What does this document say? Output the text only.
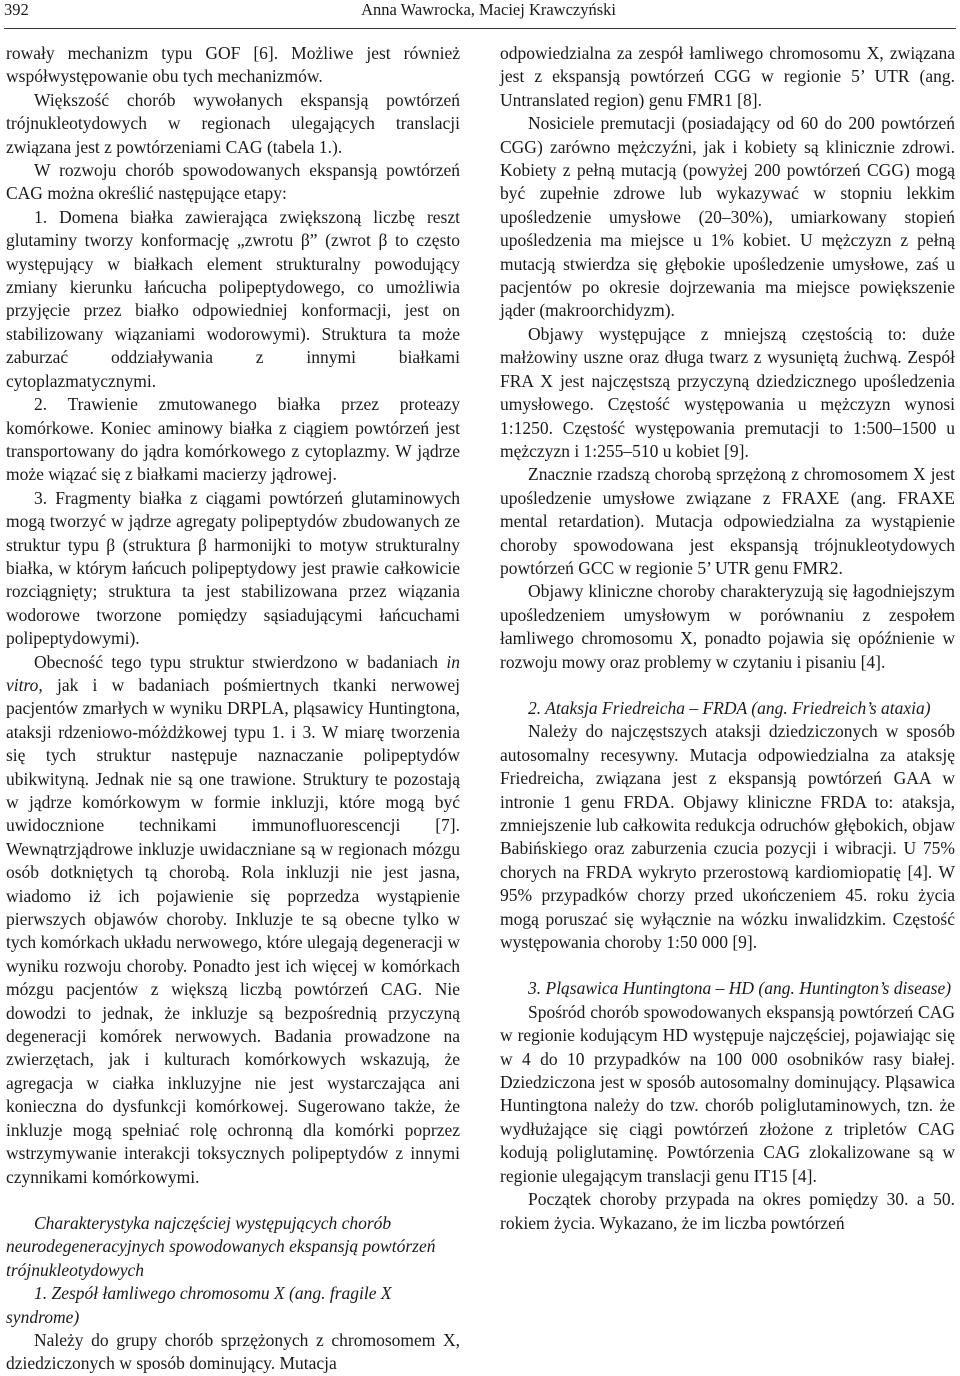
392	Anna Wawrocka, Maciej Krawczyński

rowały mechanizm typu GOF [6]. Możliwe jest również współwystępowanie obu tych mechanizmów.

Większość chorób wywołanych ekspansją powtórzeń trójnukleotydowych w regionach ulegających translacji związana jest z powtórzeniami CAG (tabela 1.).

W rozwoju chorób spowodowanych ekspansją powtórzeń CAG można określić następujące etapy:

1. Domena białka zawierająca zwiększoną liczbę reszt glutaminy tworzy konformację „zwrotu β” (zwrot β to często występujący w białkach element strukturalny powodujący zmiany kierunku łańcucha polipeptydowego, co umożliwia przyjęcie przez białko odpowiedniej konformacji, jest on stabilizowany wiązaniami wodorowymi). Struktura ta może zaburzać oddziaływania z innymi białkami cytoplazmatycznymi.

2. Trawienie zmutowanego białka przez proteazy komórkowe. Koniec aminowy białka z ciągiem powtórzeń jest transportowany do jądra komórkowego z cytoplazmy. W jądrze może wiązać się z białkami macierzy jądrowej.

3. Fragmenty białka z ciągami powtórzeń glutaminowych mogą tworzyć w jądrze agregaty polipeptydów zbudowanych ze struktur typu β (struktura β harmonijki to motyw strukturalny białka, w którym łańcuch polipeptydowy jest prawie całkowicie rozciągnięty; struktura ta jest stabilizowana przez wiązania wodorowe tworzone pomiędzy sąsiadującymi łańcuchami polipeptydowymi).

Obecność tego typu struktur stwierdzono w badaniach in vitro, jak i w badaniach pośmiertnych tkanki nerwowej pacjentów zmarłych w wyniku DRPLA, pląsawicy Huntingtona, ataksji rdzeniowo-móżdżkowej typu 1. i 3. W miarę tworzenia się tych struktur następuje naznaczanie polipeptydów ubikwityną. Jednak nie są one trawione. Struktury te pozostają w jądrze komórkowym w formie inkluzji, które mogą być uwidocznione technikami immunofluorescencji [7]. Wewnątrzjądrowe inkluzje uwidaczniane są w regionach mózgu osób dotkniętych tą chorobą. Rola inkluzji nie jest jasna, wiadomo iż ich pojawienie się poprzedza wystąpienie pierwszych objawów choroby. Inkluzje te są obecne tylko w tych komórkach układu nerwowego, które ulegają degeneracji w wyniku rozwoju choroby. Ponadto jest ich więcej w komórkach mózgu pacjentów z większą liczbą powtórzeń CAG. Nie dowodzi to jednak, że inkluzje są bezpośrednią przyczyną degeneracji komórek nerwowych. Badania prowadzone na zwierzętach, jak i kulturach komórkowych wskazują, że agregacja w ciałka inkluzyjne nie jest wystarczająca ani konieczna do dysfunkcji komórkowej. Sugerowano także, że inkluzje mogą spełniać rolę ochronną dla komórki poprzez wstrzymywanie interakcji toksycznych polipeptydów z innymi czynnikami komórkowymi.

Charakterystyka najczęściej występujących chorób neurodegeneracyjnych spowodowanych ekspansją powtórzeń trójnukleotydowych

1. Zespół łamliwego chromosomu X (ang. fragile X syndrome)

Należy do grupy chorób sprzężonych z chromosomem X, dziedziczonych w sposób dominujący. Mutacja

odpowiedzialna za zespół łamliwego chromosomu X, związana jest z ekspansją powtórzeń CGG w regionie 5’ UTR (ang. Untranslated region) genu FMR1 [8].

Nosiciele premutacji (posiadający od 60 do 200 powtórzeń CGG) zarówno mężczyźni, jak i kobiety są klinicznie zdrowi. Kobiety z pełną mutacją (powyżej 200 powtórzeń CGG) mogą być zupełnie zdrowe lub wykazywać w stopniu lekkim upośledzenie umysłowe (20–30%), umiarkowany stopień upośledzenia ma miejsce u 1% kobiet. U mężczyzn z pełną mutacją stwierdza się głębokie upośledzenie umysłowe, zaś u pacjentów po okresie dojrzewania ma miejsce powiększenie jąder (makroorchidyzm).

Objawy występujące z mniejszą częstością to: duże małżowiny uszne oraz długa twarz z wysuniętą żuchwą. Zespół FRA X jest najczęstszą przyczyną dziedzicznego upośledzenia umysłowego. Częstość występowania u mężczyzn wynosi 1:1250. Częstość występowania premutacji to 1:500–1500 u mężczyzn i 1:255–510 u kobiet [9].

Znacznie rzadszą chorobą sprzężoną z chromosomem X jest upośledzenie umysłowe związane z FRAXE (ang. FRAXE mental retardation). Mutacja odpowiedzialna za wystąpienie choroby spowodowana jest ekspansją trójnukleotydowych powtórzeń GCC w regionie 5’ UTR genu FMR2.

Objawy kliniczne choroby charakteryzują się łagodniejszym upośledzeniem umysłowym w porównaniu z zespołem łamliwego chromosomu X, ponadto pojawia się opóźnienie w rozwoju mowy oraz problemy w czytaniu i pisaniu [4].

2. Ataksja Friedreicha – FRDA (ang. Friedreich’s ataxia)

Należy do najczęstszych ataksji dziedziczonych w sposób autosomalny recesywny. Mutacja odpowiedzialna za ataksję Friedreicha, związana jest z ekspansją powtórzeń GAA w intronie 1 genu FRDA. Objawy kliniczne FRDA to: ataksja, zmniejszenie lub całkowita redukcja odruchów głębokich, objaw Babińskiego oraz zaburzenia czucia pozycji i wibracji. U 75% chorych na FRDA wykryto przerostową kardiomiopatię [4]. W 95% przypadków chorzy przed ukończeniem 45. roku życia mogą poruszać się wyłącznie na wózku inwalidzkim. Częstość występowania choroby 1:50 000 [9].

3. Pląsawica Huntingtona – HD (ang. Huntington’s disease)

Spośród chorób spowodowanych ekspansją powtórzeń CAG w regionie kodującym HD występuje najczęściej, pojawiając się w 4 do 10 przypadków na 100 000 osobników rasy białej. Dziedziczona jest w sposób autosomalny dominujący. Pląsawica Huntingtona należy do tzw. chorób poliglutaminowych, tzn. że wydłużające się ciągi powtórzeń złożone z tripletów CAG kodują poliglutaminę. Powtórzenia CAG zlokalizowane są w regionie ulegającym translacji genu IT15 [4].

Początek choroby przypada na okres pomiędzy 30. a 50. rokiem życia. Wykazano, że im liczba powtórzeń
